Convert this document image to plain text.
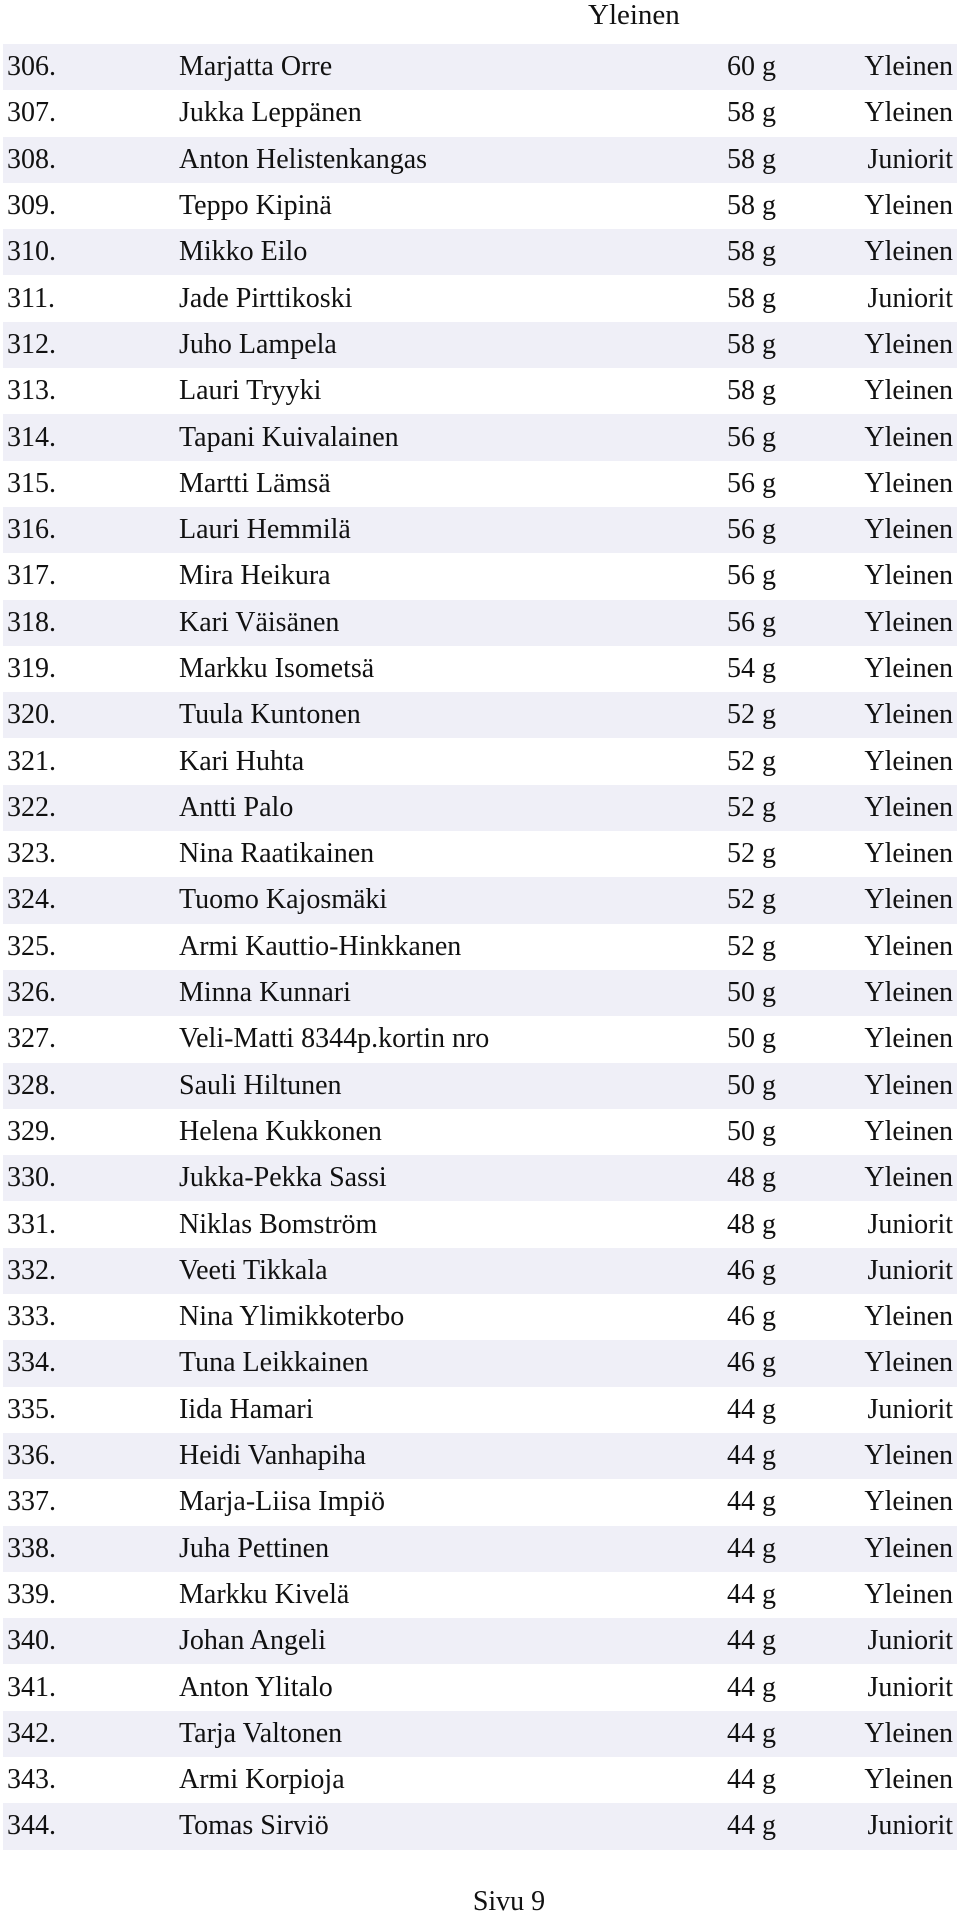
Yleinen
306.	Marjatta Orre	60 g	Yleinen
307.	Jukka Leppänen	58 g	Yleinen
308.	Anton Helistenkangas	58 g	Juniorit
309.	Teppo Kipinä	58 g	Yleinen
310.	Mikko Eilo	58 g	Yleinen
311.	Jade Pirttikoski	58 g	Juniorit
312.	Juho Lampela	58 g	Yleinen
313.	Lauri Tryyki	58 g	Yleinen
314.	Tapani Kuivalainen	56 g	Yleinen
315.	Martti Lämsä	56 g	Yleinen
316.	Lauri Hemmilä	56 g	Yleinen
317.	Mira Heikura	56 g	Yleinen
318.	Kari Väisänen	56 g	Yleinen
319.	Markku Isometsä	54 g	Yleinen
320.	Tuula Kuntonen	52 g	Yleinen
321.	Kari Huhta	52 g	Yleinen
322.	Antti Palo	52 g	Yleinen
323.	Nina Raatikainen	52 g	Yleinen
324.	Tuomo Kajosmäki	52 g	Yleinen
325.	Armi Kauttio-Hinkkanen	52 g	Yleinen
326.	Minna Kunnari	50 g	Yleinen
327.	Veli-Matti 8344p.kortin nro	50 g	Yleinen
328.	Sauli Hiltunen	50 g	Yleinen
329.	Helena Kukkonen	50 g	Yleinen
330.	Jukka-Pekka Sassi	48 g	Yleinen
331.	Niklas Bomström	48 g	Juniorit
332.	Veeti Tikkala	46 g	Juniorit
333.	Nina Ylimikkoterbo	46 g	Yleinen
334.	Tuna Leikkainen	46 g	Yleinen
335.	Iida Hamari	44 g	Juniorit
336.	Heidi Vanhapiha	44 g	Yleinen
337.	Marja-Liisa Impiö	44 g	Yleinen
338.	Juha Pettinen	44 g	Yleinen
339.	Markku Kivelä	44 g	Yleinen
340.	Johan Angeli	44 g	Juniorit
341.	Anton Ylitalo	44 g	Juniorit
342.	Tarja Valtonen	44 g	Yleinen
343.	Armi Korpioja	44 g	Yleinen
344.	Tomas Sirviö	44 g	Juniorit
Sivu 9
